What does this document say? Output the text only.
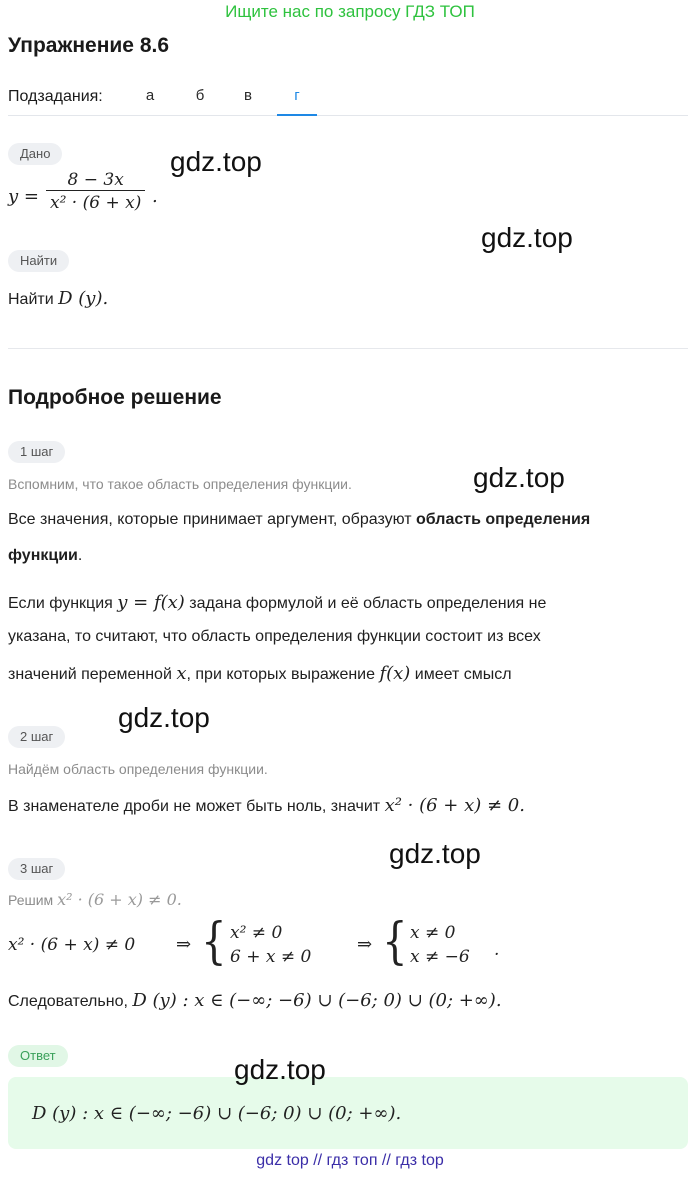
Ищите нас по запросу ГДЗ ТОП
Упражнение 8.6
Подзадания:	а	б	в	г
Дано
$y = \frac{8 - 3x}{\text{x² · (6 + x)}}$ .
Найти
Найти D (y).
Подробное решение
1 шаг
Вспомним, что такое область определения функции.
Все значения, которые принимает аргумент, образуют область определения
функции.
Если функция y = f(x) задана формулой и её область определения не
указана, то считают, что область определения функции состоит из всех
значений переменной x, при которых выражение f(x) имеет смысл
2 шаг
Найдём область определения функции.
В знаменателе дроби не может быть ноль, значит x² · (6 + x) ≠ 0.
3 шаг
Решим x² · (6 + x) ≠ 0.
x² · (6 + x) ≠ 0 ⇒ { x² ≠ 0
6 + x ≠ 0
⇒ { x ≠ 0
x ≠ −6 .
Следовательно, D (y) : x ∈ (−∞; −6) ∪ (−6; 0) ∪ (0; +∞).
Ответ
D (y) : x ∈ (−∞; −6) ∪ (−6; 0) ∪ (0; +∞).
gdz.top
gdz.top
gdz.top
gdz.top
gdz.top
gdz.top
gdz top // гдз топ // гдз top
